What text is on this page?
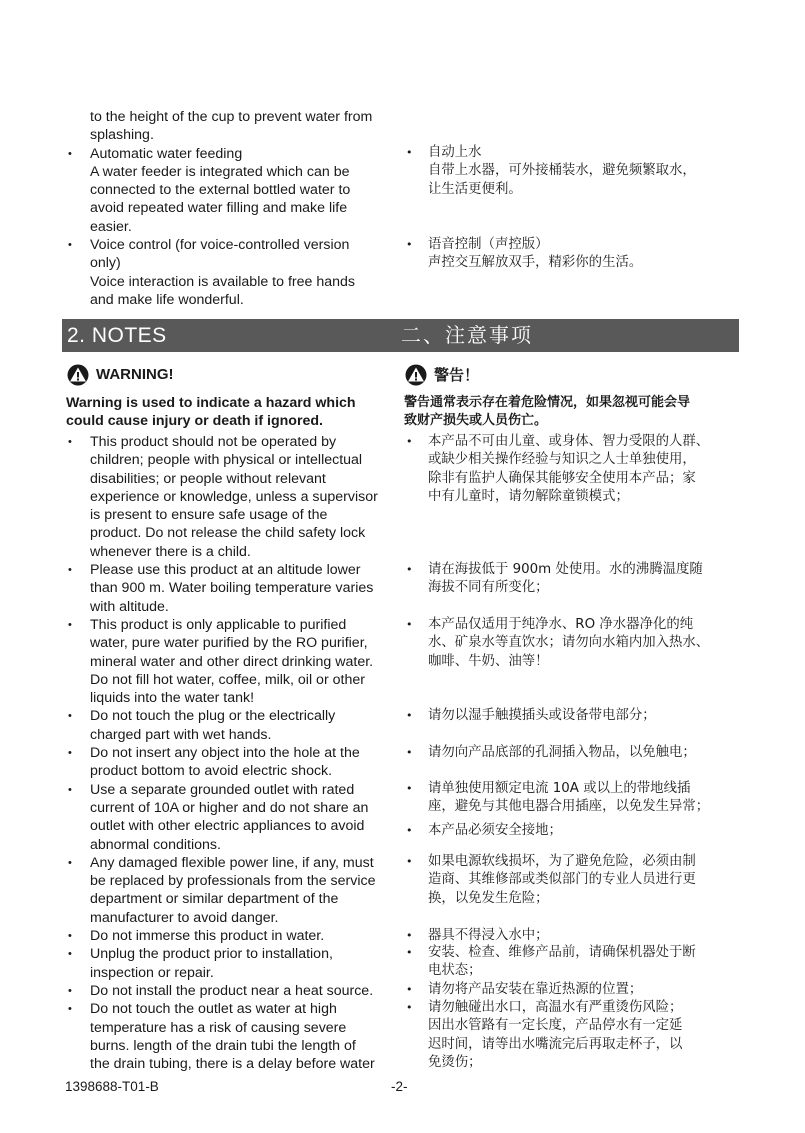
to the height of the cup to prevent water from
splashing.
•	Automatic water feeding
A water feeder is integrated which can be
connected to the external bottled water to
avoid repeated water filling and make life
easier.
•	Voice control (for voice-controlled version
only)
Voice interaction is available to free hands
and make life wonderful.
•	自动上水
自带上水器，可外接桶装水，避免频繁取水，
让生活更便利。
•	语音控制（声控版）
声控交互解放双手，精彩你的生活。
2. NOTES	二、注意事项
WARNING!	警告！
Warning is used to indicate a hazard which
could cause injury or death if ignored.
警告通常表示存在着危险情况，如果忽视可能会导
致财产损失或人员伤亡。
•	This product should not be operated by
children; people with physical or intellectual
disabilities; or people without relevant
experience or knowledge, unless a supervisor
is present to ensure safe usage of the
product. Do not release the child safety lock
whenever there is a child.
•	Please use this product at an altitude lower
than 900 m. Water boiling temperature varies
with altitude.
•	This product is only applicable to purified
water, pure water purified by the RO purifier,
mineral water and other direct drinking water.
Do not fill hot water, coffee, milk, oil or other
liquids into the water tank!
•	Do not touch the plug or the electrically
charged part with wet hands.
•	Do not insert any object into the hole at the
product bottom to avoid electric shock.
•	Use a separate grounded outlet with rated
current of 10A or higher and do not share an
outlet with other electric appliances to avoid
abnormal conditions.
•	Any damaged flexible power line, if any, must
be replaced by professionals from the service
department or similar department of the
manufacturer to avoid danger.
•	Do not immerse this product in water.
•	Unplug the product prior to installation,
inspection or repair.
•	Do not install the product near a heat source.
•	Do not touch the outlet as water at high
temperature has a risk of causing severe
burns. length of the drain tubi the length of
the drain tubing, there is a delay before water
•	本产品不可由儿童、或身体、智力受限的人群、
或缺少相关操作经验与知识之人士单独使用，
除非有监护人确保其能够安全使用本产品；家
中有儿童时，请勿解除童锁模式；
•	请在海拔低于 900m 处使用。水的沸腾温度随
海拔不同有所变化；
•	本产品仅适用于纯净水、RO 净水器净化的纯
水、矿泉水等直饮水；请勿向水箱内加入热水、
咖啡、牛奶、油等！
•	请勿以湿手触摸插头或设备带电部分；
•	请勿向产品底部的孔洞插入物品，以免触电；
•	请单独使用额定电流 10A 或以上的带地线插
座，避免与其他电器合用插座，以免发生异常；
•	本产品必须安全接地；
•	如果电源软线损坏，为了避免危险，必须由制
造商、其维修部或类似部门的专业人员进行更
换，以免发生危险；
•	器具不得浸入水中；
•	安装、检查、维修产品前，请确保机器处于断
电状态；
•	请勿将产品安装在靠近热源的位置；
•	请勿触碰出水口，高温水有严重烫伤风险；
因出水管路有一定长度，产品停水有一定延
迟时间，请等出水嘴流完后再取走杯子，以
免烫伤；
1398688-T01-B	-2-
